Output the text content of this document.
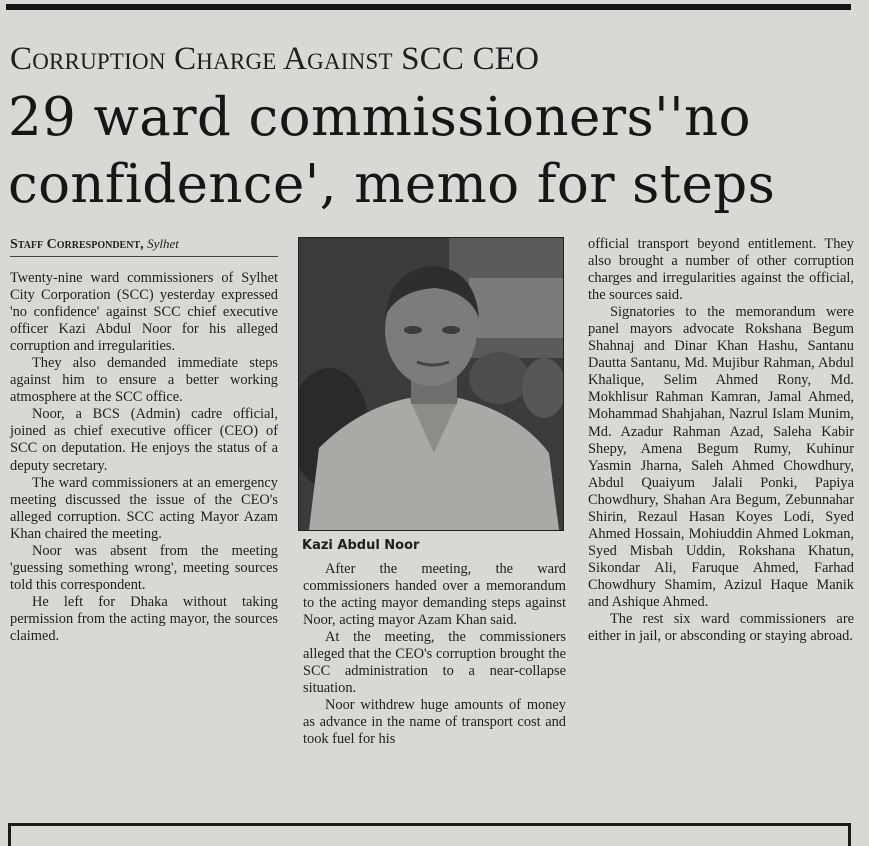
Corruption Charge Against SCC CEO
29 ward commissioners''no confidence', memo for steps
Staff Correspondent, Sylhet

Twenty-nine ward commissioners of Sylhet City Corporation (SCC) yesterday expressed 'no confidence' against SCC chief executive officer Kazi Abdul Noor for his alleged corruption and irregularities.

They also demanded immediate steps against him to ensure a better working atmosphere at the SCC office.

Noor, a BCS (Admin) cadre official, joined as chief executive officer (CEO) of SCC on deputation. He enjoys the status of a deputy secretary.

The ward commissioners at an emergency meeting discussed the issue of the CEO's alleged corruption. SCC acting Mayor Azam Khan chaired the meeting.

Noor was absent from the meeting 'guessing something wrong', meeting sources told this correspondent.

He left for Dhaka without taking permission from the acting mayor, the sources claimed.

Kazi Abdul Noor

After the meeting, the ward commissioners handed over a memorandum to the acting mayor demanding steps against Noor, acting mayor Azam Khan said.

At the meeting, the commissioners alleged that the CEO's corruption brought the SCC administration to a near-collapse situation.

Noor withdrew huge amounts of money as advance in the name of transport cost and took fuel for his

official transport beyond entitlement. They also brought a number of other corruption charges and irregularities against the official, the sources said.

Signatories to the memorandum were panel mayors advocate Rokshana Begum Shahnaj and Dinar Khan Hashu, Santanu Dautta Santanu, Md. Mujibur Rahman, Abdul Khalique, Selim Ahmed Rony, Md. Mokhlisur Rahman Kamran, Jamal Ahmed, Mohammad Shahjahan, Nazrul Islam Munim, Md. Azadur Rahman Azad, Saleha Kabir Shepy, Amena Begum Rumy, Kuhinur Yasmin Jharna, Saleh Ahmed Chowdhury, Abdul Quaiyum Jalali Ponki, Papiya Chowdhury, Shahan Ara Begum, Zebunnahar Shirin, Rezaul Hasan Koyes Lodi, Syed Ahmed Hossain, Mohiuddin Ahmed Lokman, Syed Misbah Uddin, Rokshana Khatun, Sikondar Ali, Faruque Ahmed, Farhad Chowdhury Shamim, Azizul Haque Manik and Ashique Ahmed.

The rest six ward commissioners are either in jail, or absconding or staying abroad.
